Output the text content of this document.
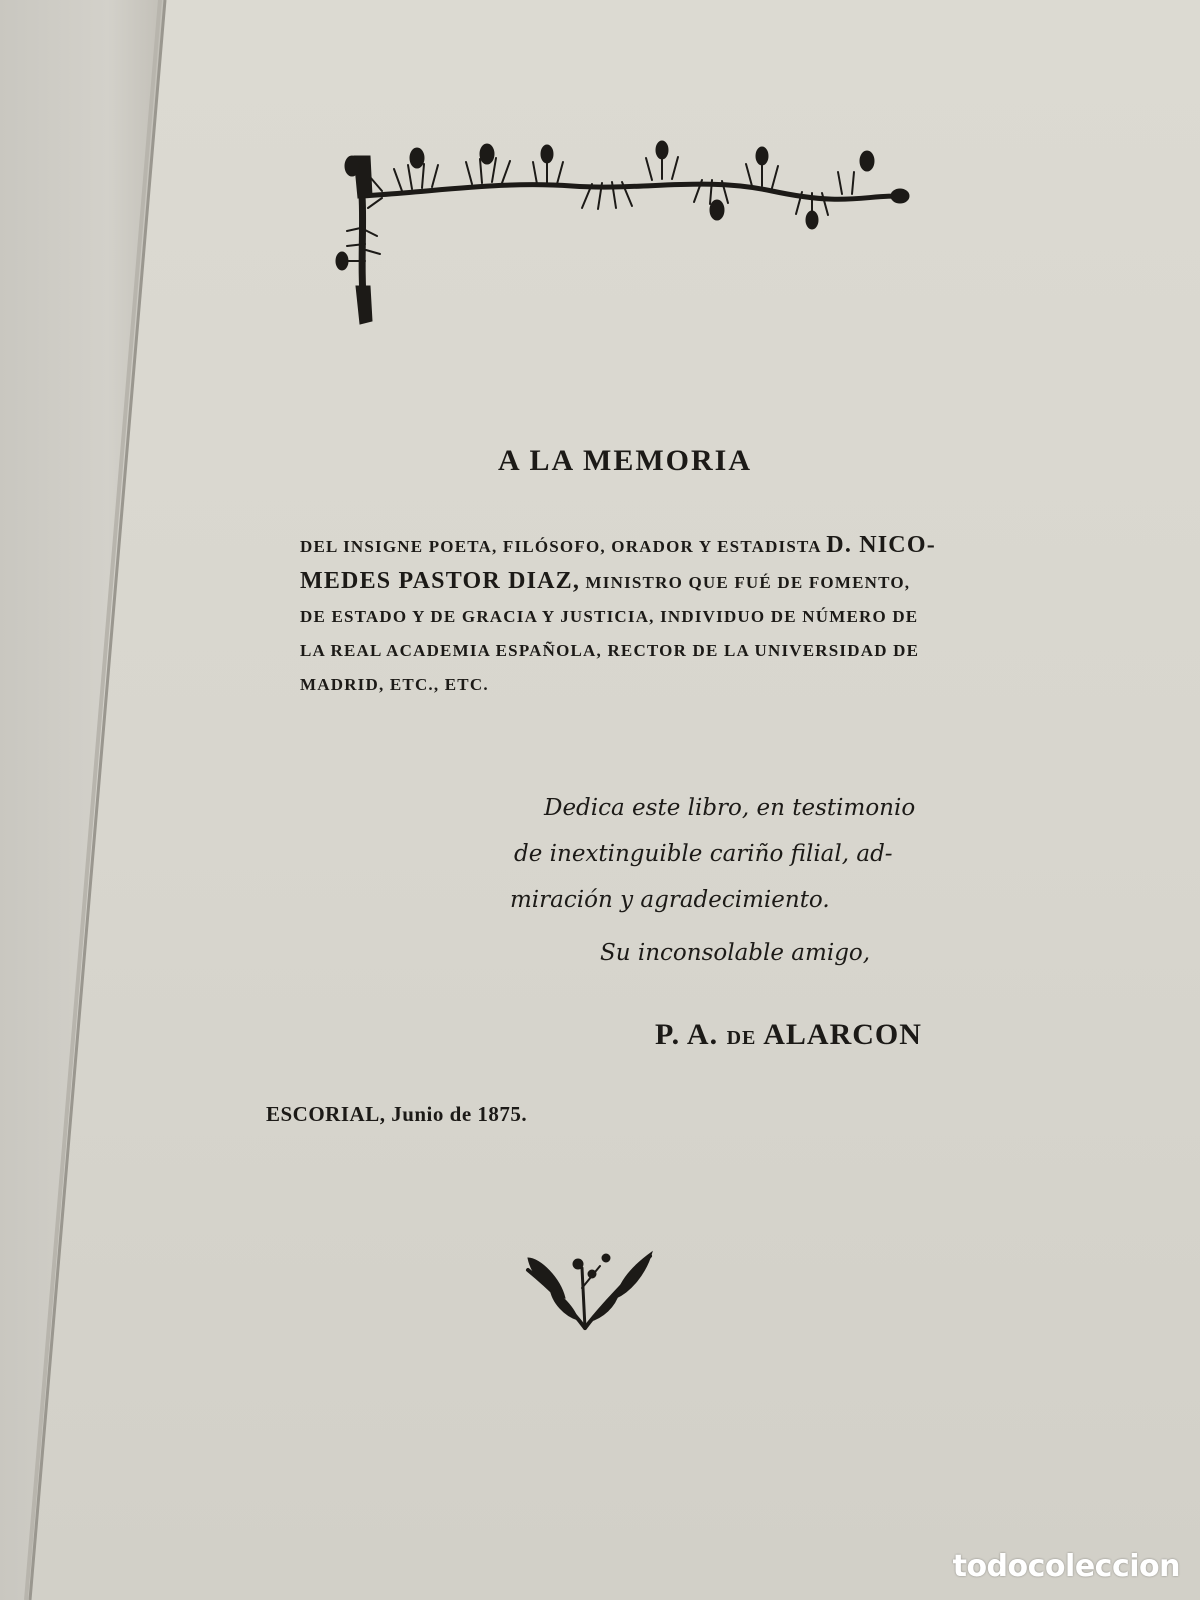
A LA MEMORIA
DEL INSIGNE POETA, FILÓSOFO, ORADOR Y ESTADISTA D. NICO-
MEDES PASTOR DIAZ, MINISTRO QUE FUÉ DE FOMENTO,
DE ESTADO Y DE GRACIA Y JUSTICIA, INDIVIDUO DE NÚMERO DE
LA REAL ACADEMIA ESPAÑOLA, RECTOR DE LA UNIVERSIDAD DE
MADRID, ETC., ETC.
Dedica este libro, en testimonio
de inextinguible cariño filial, ad-
miración y agradecimiento.
Su inconsolable amigo,
P. A. DE ALARCON
ESCORIAL, Junio de 1875.
todocoleccion
